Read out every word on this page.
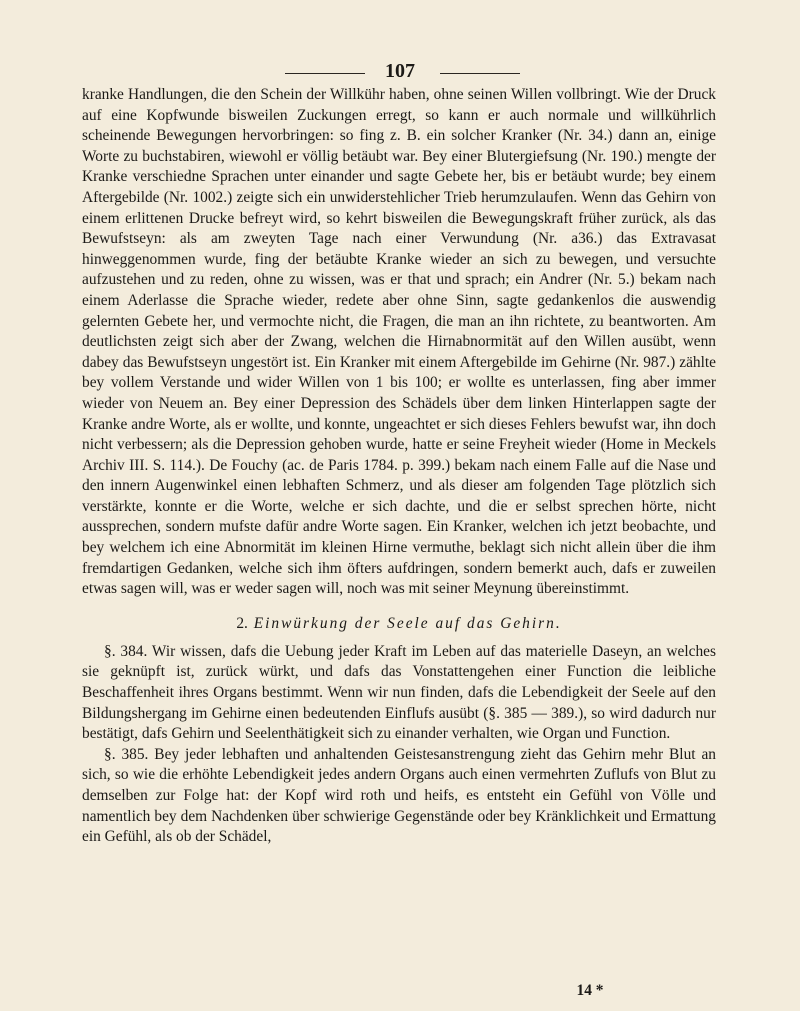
107

kranke Handlungen, die den Schein der Willkühr haben, ohne seinen Willen vollbringt. Wie der Druck auf eine Kopfwunde bisweilen Zuckungen erregt, so kann er auch normale und willkührlich scheinende Bewegungen hervorbringen: so fing z. B. ein solcher Kranker (Nr. 34.) dann an, einige Worte zu buchstabiren, wiewohl er völlig betäubt war. Bey einer Blutergiefsung (Nr. 190.) mengte der Kranke verschiedne Sprachen unter einander und sagte Gebete her, bis er betäubt wurde; bey einem Aftergebilde (Nr. 1002.) zeigte sich ein unwiderstehlicher Trieb herumzulaufen. Wenn das Gehirn von einem erlittenen Drucke befreyt wird, so kehrt bisweilen die Bewegungskraft früher zurück, als das Bewufstseyn: als am zweyten Tage nach einer Verwundung (Nr. a36.) das Extravasat hinweggenommen wurde, fing der betäubte Kranke wieder an sich zu bewegen, und versuchte aufzustehen und zu reden, ohne zu wissen, was er that und sprach; ein Andrer (Nr. 5.) bekam nach einem Aderlasse die Sprache wieder, redete aber ohne Sinn, sagte gedankenlos die auswendig gelernten Gebete her, und vermochte nicht, die Fragen, die man an ihn richtete, zu beantworten. Am deutlichsten zeigt sich aber der Zwang, welchen die Hirnabnormität auf den Willen ausübt, wenn dabey das Bewufstseyn ungestört ist. Ein Kranker mit einem Aftergebilde im Gehirne (Nr. 987.) zählte bey vollem Verstande und wider Willen von 1 bis 100; er wollte es unterlassen, fing aber immer wieder von Neuem an. Bey einer Depression des Schädels über dem linken Hinterlappen sagte der Kranke andre Worte, als er wollte, und konnte, ungeachtet er sich dieses Fehlers bewufst war, ihn doch nicht verbessern; als die Depression gehoben wurde, hatte er seine Freyheit wieder (Home in Meckels Archiv III. S. 114.). De Fouchy (ac. de Paris 1784. p. 399.) bekam nach einem Falle auf die Nase und den innern Augenwinkel einen lebhaften Schmerz, und als dieser am folgenden Tage plötzlich sich verstärkte, konnte er die Worte, welche er sich dachte, und die er selbst sprechen hörte, nicht aussprechen, sondern mufste dafür andre Worte sagen. Ein Kranker, welchen ich jetzt beobachte, und bey welchem ich eine Abnormität im kleinen Hirne vermuthe, beklagt sich nicht allein über die ihm fremdartigen Gedanken, welche sich ihm öfters aufdringen, sondern bemerkt auch, dafs er zuweilen etwas sagen will, was er weder sagen will, noch was mit seiner Meynung übereinstimmt.

2. Einwürkung der Seele auf das Gehirn.

§. 384. Wir wissen, dafs die Uebung jeder Kraft im Leben auf das materielle Daseyn, an welches sie geknüpft ist, zurück würkt, und dafs das Vonstattengehen einer Function die leibliche Beschaffenheit ihres Organs bestimmt. Wenn wir nun finden, dafs die Lebendigkeit der Seele auf den Bildungshergang im Gehirne einen bedeutenden Einflufs ausübt (§. 385 — 389.), so wird dadurch nur bestätigt, dafs Gehirn und Seelenthätigkeit sich zu einander verhalten, wie Organ und Function.

§. 385. Bey jeder lebhaften und anhaltenden Geistesanstrengung zieht das Gehirn mehr Blut an sich, so wie die erhöhte Lebendigkeit jedes andern Organs auch einen vermehrten Zuflufs von Blut zu demselben zur Folge hat: der Kopf wird roth und heifs, es entsteht ein Gefühl von Völle und namentlich bey dem Nachdenken über schwierige Gegenstände oder bey Kränklichkeit und Ermattung ein Gefühl, als ob der Schädel,

14 *
